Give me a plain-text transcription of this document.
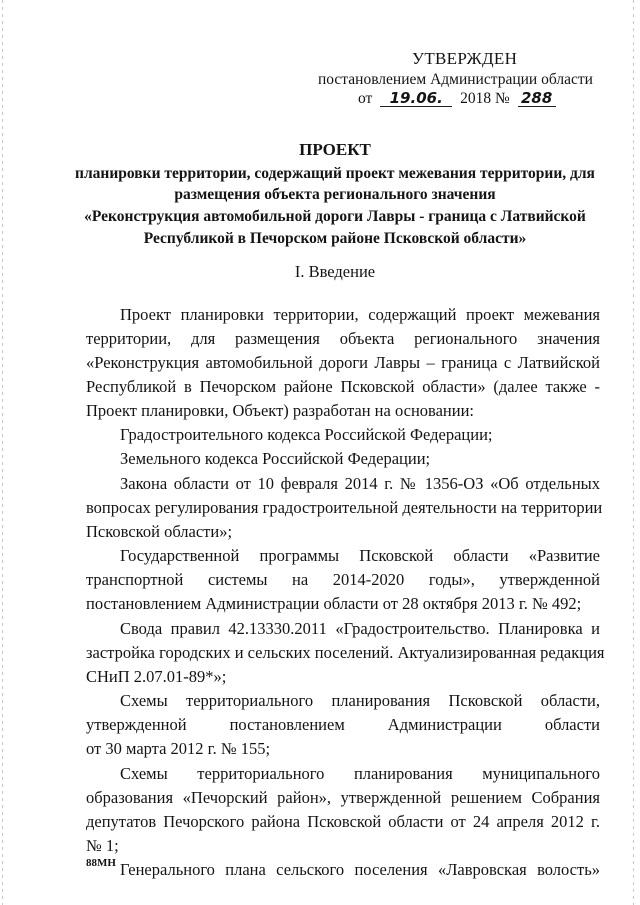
УТВЕРЖДЕН
постановлением Администрации области
от 19.06. 2018 № 288
ПРОЕКТ
планировки территории, содержащий проект межевания территории, для
размещения объекта регионального значения
«Реконструкция автомобильной дороги Лавры - граница с Латвийской
Республикой в Печорском районе Псковской области»
I. Введение
Проект планировки территории, содержащий проект межевания
территории, для размещения объекта регионального значения
«Реконструкция автомобильной дороги Лавры – граница с Латвийской
Республикой в Печорском районе Псковской области» (далее также -
Проект планировки, Объект) разработан на основании:
Градостроительного кодекса Российской Федерации;
Земельного кодекса Российской Федерации;
Закона области от 10 февраля 2014 г. № 1356-ОЗ «Об отдельных
вопросах регулирования градостроительной деятельности на территории
Псковской области»;
Государственной программы Псковской области «Развитие
транспортной системы на 2014-2020 годы», утвержденной
постановлением Администрации области от 28 октября 2013 г. № 492;
Свода правил 42.13330.2011 «Градостроительство. Планировка и
застройка городских и сельских поселений. Актуализированная редакция
СНиП 2.07.01-89*»;
Схемы территориального планирования Псковской области,
утвержденной постановлением Администрации области
от 30 марта 2012 г. № 155;
Схемы территориального планирования муниципального
образования «Печорский район», утвержденной решением Собрания
депутатов Печорского района Псковской области от 24 апреля 2012 г.
№ 1;
Генерального плана сельского поселения «Лавровская волость»
88МН
